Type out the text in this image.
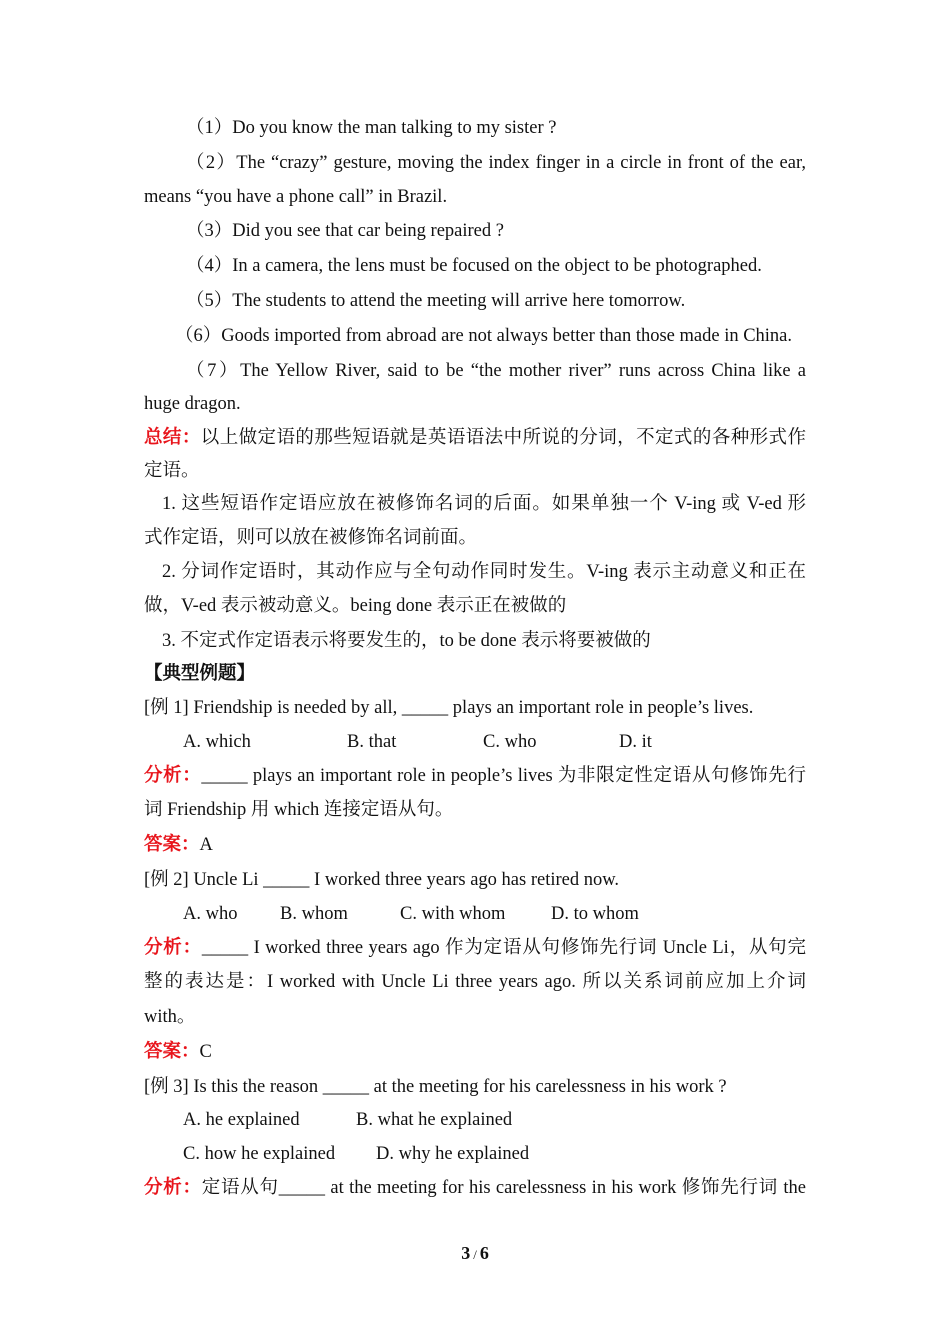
（1）Do you know the man talking to my sister ?
（2）The “crazy” gesture, moving the index finger in a circle in front of the ear,
means “you have a phone call” in Brazil.
（3）Did you see that car being repaired ?
（4）In a camera, the lens must be focused on the object to be photographed.
（5）The students to attend the meeting will arrive here tomorrow.
（6）Goods imported from abroad are not always better than those made in China.
（7）The Yellow River, said to be “the mother river” runs across China like a
huge dragon.
总结：以上做定语的那些短语就是英语语法中所说的分词，不定式的各种形式作
定语。
1. 这些短语作定语应放在被修饰名词的后面。如果单独一个 V-ing 或 V-ed 形
式作定语，则可以放在被修饰名词前面。
2. 分词作定语时，其动作应与全句动作同时发生。V-ing 表示主动意义和正在
做，V-ed 表示被动意义。being done 表示正在被做的
3. 不定式作定语表示将要发生的，to be done 表示将要被做的
【典型例题】
[例 1] Friendship is needed by all, _____ plays an important role in people’s lives.
A. which	B. that	C. who	D. it
分析：_____ plays an important role in people’s lives 为非限定性定语从句修饰先行
词 Friendship 用 which 连接定语从句。
答案：A
[例 2] Uncle Li _____ I worked three years ago has retired now.
A. who B. whom	C. with whom D. to whom
分析：_____ I worked three years ago 作为定语从句修饰先行词 Uncle Li，从句完
整的表达是：I worked with Uncle Li three years ago. 所以关系词前应加上介词
with。
答案：C
[例 3] Is this the reason _____ at the meeting for his carelessness in his work ?
A. he explained	B. what he explained
C. how he explained D. why he explained
分析：定语从句_____ at the meeting for his carelessness in his work 修饰先行词 the
3 / 6
